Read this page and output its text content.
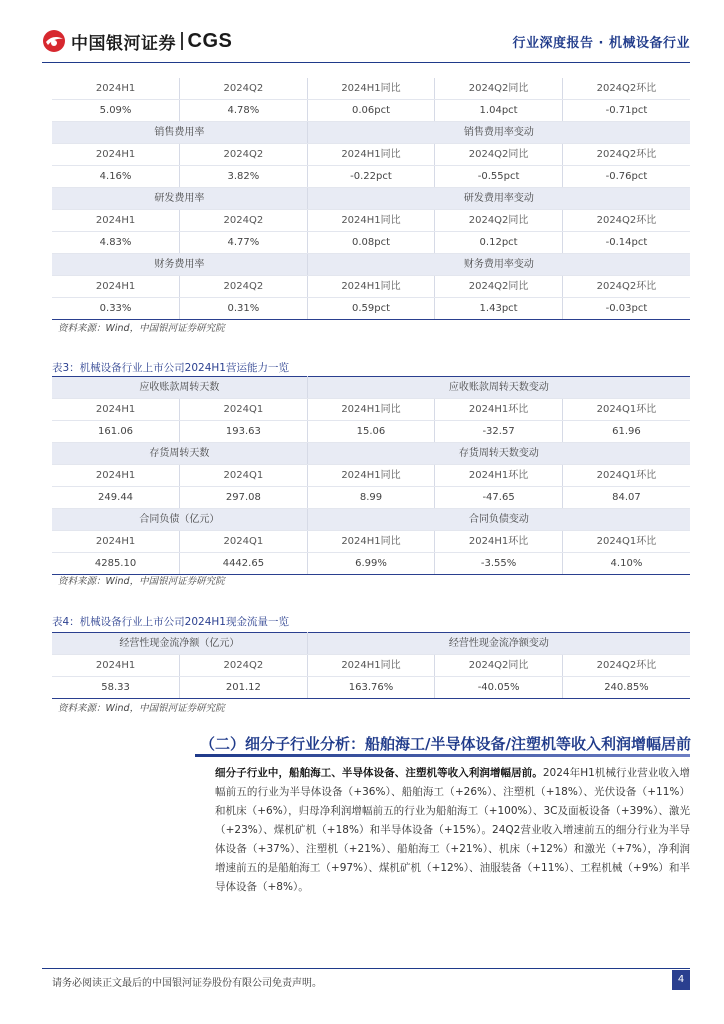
中国银河证券 CGS	行业深度报告 · 机械设备行业
2024H1	2024Q2	2024H1同比	2024Q2同比	2024Q2环比
5.09%	4.78%	0.06pct	1.04pct	-0.71pct
销售费用率		销售费用率变动		
2024H1	2024Q2	2024H1同比	2024Q2同比	2024Q2环比
4.16%	3.82%	-0.22pct	-0.55pct	-0.76pct
研发费用率		研发费用率变动		
2024H1	2024Q2	2024H1同比	2024Q2同比	2024Q2环比
4.83%	4.77%	0.08pct	0.12pct	-0.14pct
财务费用率		财务费用率变动		
2024H1	2024Q2	2024H1同比	2024Q2同比	2024Q2环比
0.33%	0.31%	0.59pct	1.43pct	-0.03pct
资料来源：Wind，中国银河证券研究院
表3：机械设备行业上市公司2024H1营运能力一览
应收账款周转天数		应收账款周转天数变动		
2024H1	2024Q1	2024H1同比	2024H1环比	2024Q1环比
161.06	193.63	15.06	-32.57	61.96
存货周转天数		存货周转天数变动		
2024H1	2024Q1	2024H1同比	2024H1环比	2024Q1环比
249.44	297.08	8.99	-47.65	84.07
合同负债（亿元）		合同负债变动		
2024H1	2024Q1	2024H1同比	2024H1环比	2024Q1环比
4285.10	4442.65	6.99%	-3.55%	4.10%
资料来源：Wind，中国银河证券研究院
表4：机械设备行业上市公司2024H1现金流量一览
经营性现金流净额（亿元）		经营性现金流净额变动		
2024H1	2024Q2	2024H1同比	2024Q2同比	2024Q2环比
58.33	201.12	163.76%	-40.05%	240.85%
资料来源：Wind，中国银河证券研究院
（二）细分子行业分析：船舶海工/半导体设备/注塑机等收入利润增幅居前
细分子行业中，船舶海工、半导体设备、注塑机等收入利润增幅居前。2024年H1机械行业营业收入增幅前五的行业为半导体设备（+36%）、船舶海工（+26%）、注塑机（+18%）、光伏设备（+11%）和机床（+6%），归母净利润增幅前五的行业为船舶海工（+100%）、3C及面板设备（+39%）、激光（+23%）、煤机矿机（+18%）和半导体设备（+15%）。24Q2营业收入增速前五的细分行业为半导体设备（+37%）、注塑机（+21%）、船舶海工（+21%）、机床（+12%）和激光（+7%），净利润增速前五的是船舶海工（+97%）、煤机矿机（+12%）、油服装备（+11%）、工程机械（+9%）和半导体设备（+8%）。
请务必阅读正文最后的中国银河证券股份有限公司免责声明。	4
